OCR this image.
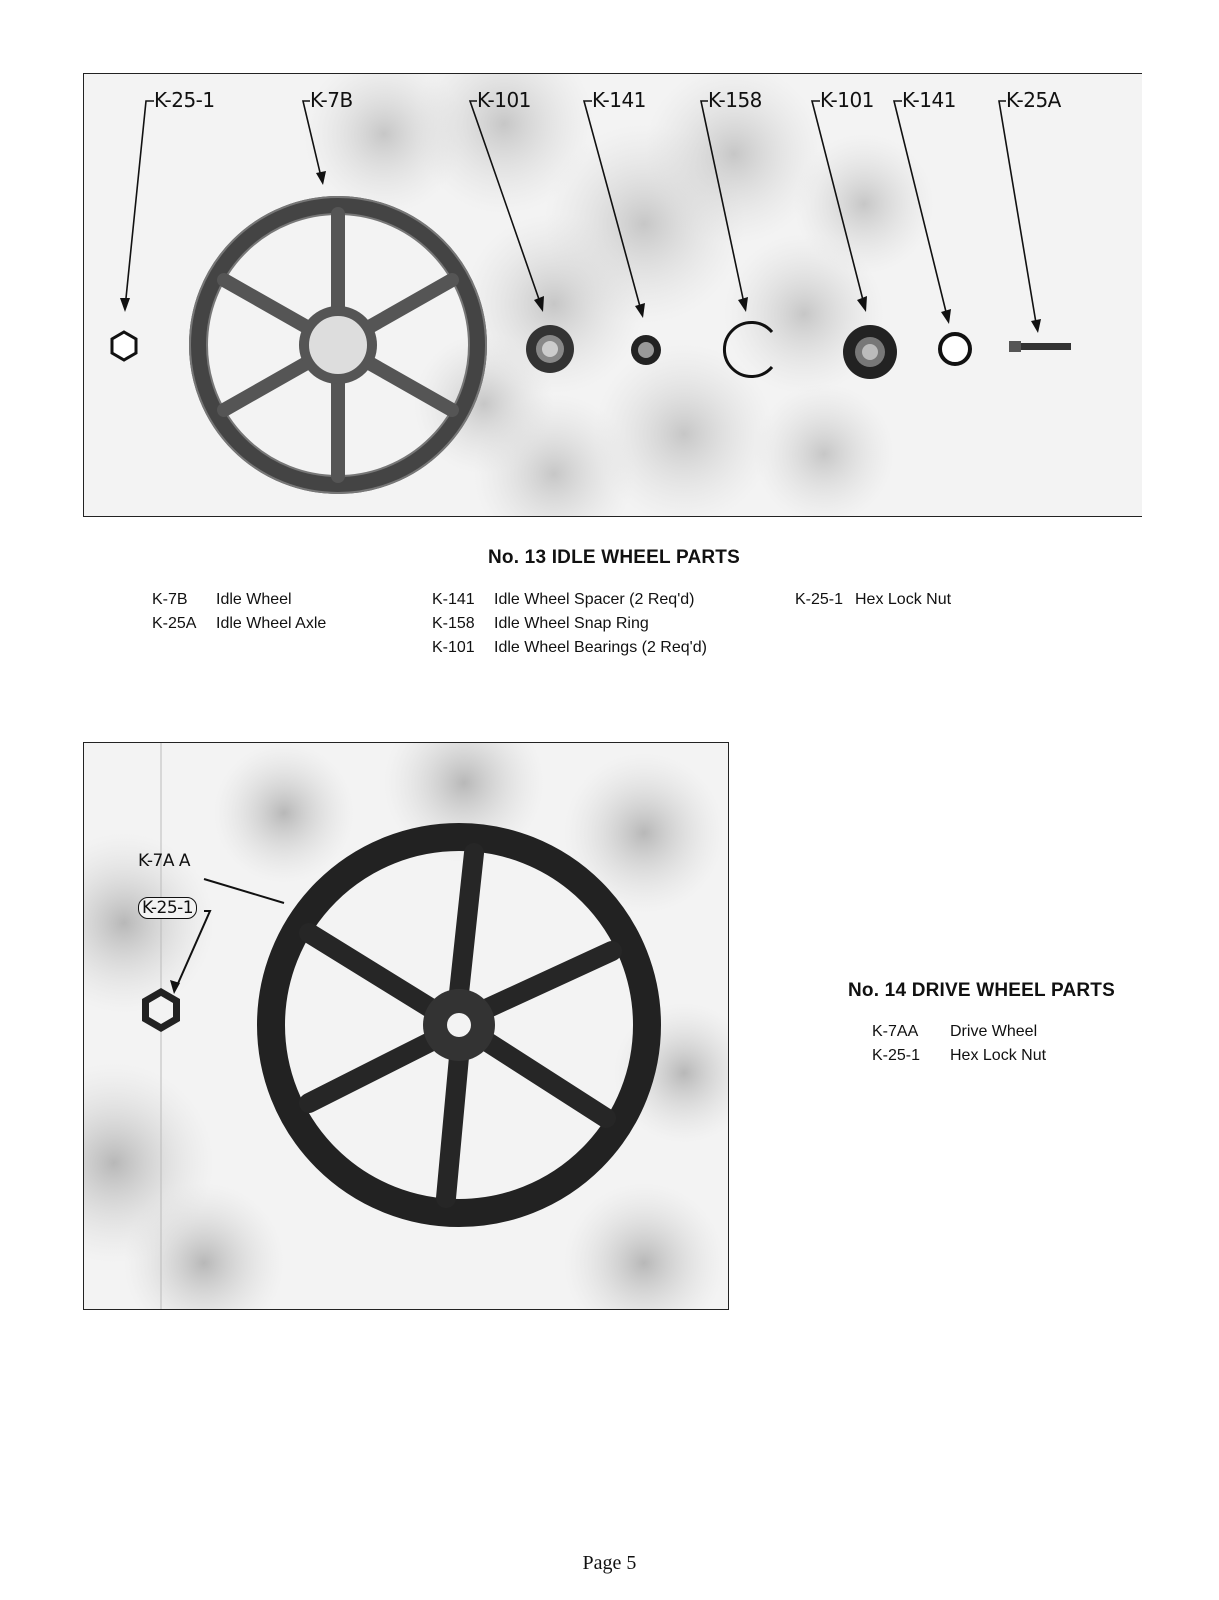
K-25-1	K-7B	K-101	K-141	K-158	K-101 K-141	K-25A
No. 13 IDLE WHEEL PARTS
K-7B	Idle Wheel
K-25A	Idle Wheel Axle
K-141	Idle Wheel Spacer (2 Req'd)
K-158	Idle Wheel Snap Ring
K-101	Idle Wheel Bearings (2 Req'd)
K-25-1 Hex Lock Nut
K-7A A
K-25-1
No. 14 DRIVE WHEEL PARTS
K-7AA	Drive Wheel
K-25-1	Hex Lock Nut
Page 5
